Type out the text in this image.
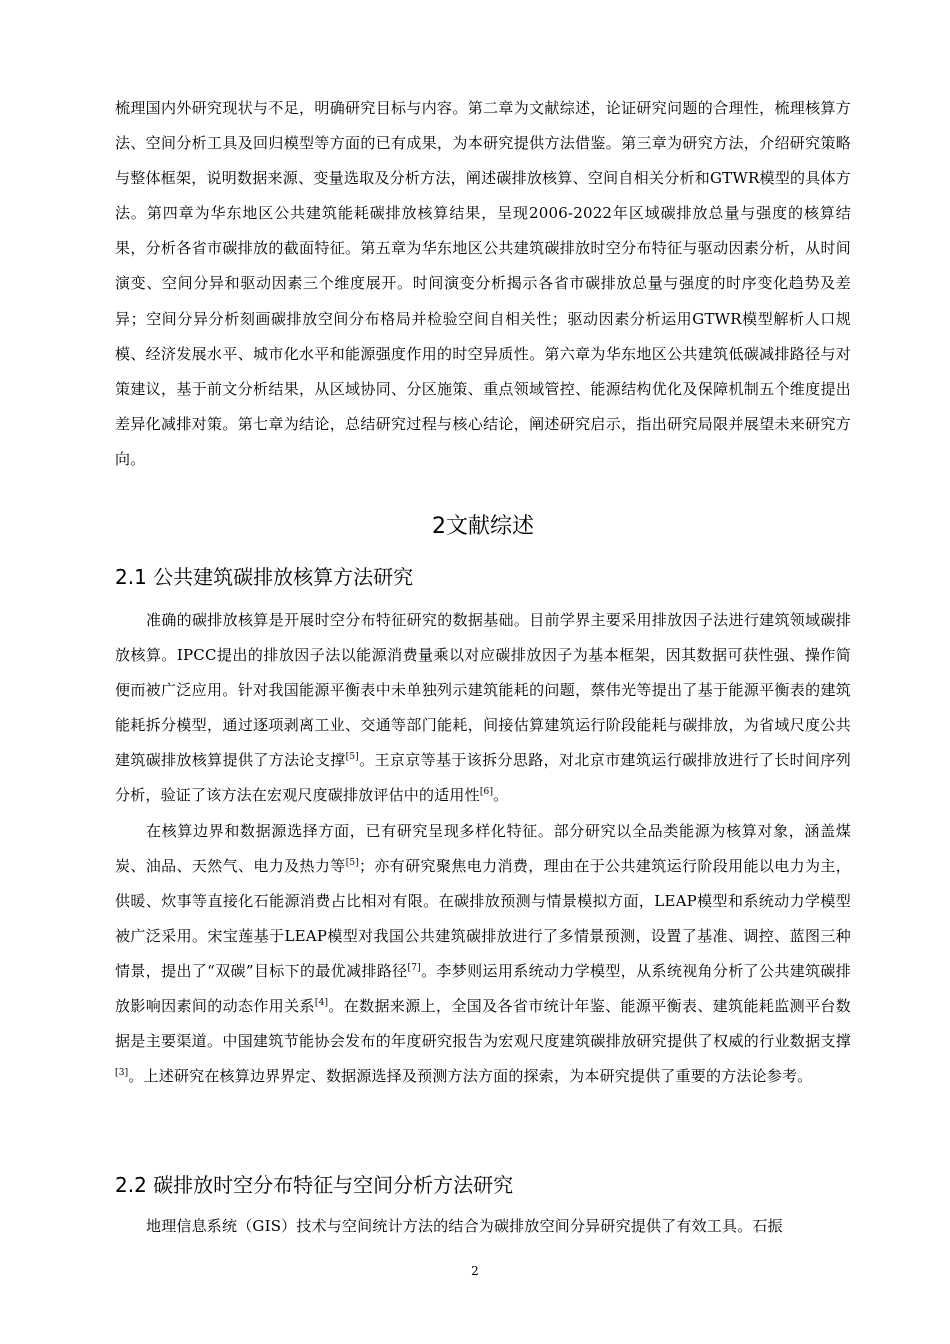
梳理国内外研究现状与不足，明确研究目标与内容。第二章为文献综述，论证研究问题的合理性，梳理核算方法、空间分析工具及回归模型等方面的已有成果，为本研究提供方法借鉴。第三章为研究方法，介绍研究策略与整体框架，说明数据来源、变量选取及分析方法，阐述碳排放核算、空间自相关分析和GTWR模型的具体方法。第四章为华东地区公共建筑能耗碳排放核算结果，呈现2006-2022年区域碳排放总量与强度的核算结果，分析各省市碳排放的截面特征。第五章为华东地区公共建筑碳排放时空分布特征与驱动因素分析，从时间演变、空间分异和驱动因素三个维度展开。时间演变分析揭示各省市碳排放总量与强度的时序变化趋势及差异；空间分异分析刻画碳排放空间分布格局并检验空间自相关性；驱动因素分析运用GTWR模型解析人口规模、经济发展水平、城市化水平和能源强度作用的时空异质性。第六章为华东地区公共建筑低碳减排路径与对策建议，基于前文分析结果，从区域协同、分区施策、重点领域管控、能源结构优化及保障机制五个维度提出差异化减排对策。第七章为结论，总结研究过程与核心结论，阐述研究启示，指出研究局限并展望未来研究方向。

2文献综述
2.1 公共建筑碳排放核算方法研究

准确的碳排放核算是开展时空分布特征研究的数据基础。目前学界主要采用排放因子法进行建筑领域碳排放核算。IPCC提出的排放因子法以能源消费量乘以对应碳排放因子为基本框架，因其数据可获性强、操作简便而被广泛应用。针对我国能源平衡表中未单独列示建筑能耗的问题，蔡伟光等提出了基于能源平衡表的建筑能耗拆分模型，通过逐项剥离工业、交通等部门能耗，间接估算建筑运行阶段能耗与碳排放，为省域尺度公共建筑碳排放核算提供了方法论支撑[5]。王京京等基于该拆分思路，对北京市建筑运行碳排放进行了长时间序列分析，验证了该方法在宏观尺度碳排放评估中的适用性[6]。

在核算边界和数据源选择方面，已有研究呈现多样化特征。部分研究以全品类能源为核算对象，涵盖煤炭、油品、天然气、电力及热力等[5]；亦有研究聚焦电力消费，理由在于公共建筑运行阶段用能以电力为主，供暖、炊事等直接化石能源消费占比相对有限。在碳排放预测与情景模拟方面，LEAP模型和系统动力学模型被广泛采用。宋宝莲基于LEAP模型对我国公共建筑碳排放进行了多情景预测，设置了基准、调控、蓝图三种情景，提出了“双碳”目标下的最优减排路径[7]。李梦则运用系统动力学模型，从系统视角分析了公共建筑碳排放影响因素间的动态作用关系[4]。在数据来源上，全国及各省市统计年鉴、能源平衡表、建筑能耗监测平台数据是主要渠道。中国建筑节能协会发布的年度研究报告为宏观尺度建筑碳排放研究提供了权威的行业数据支撑[3]。上述研究在核算边界界定、数据源选择及预测方法方面的探索，为本研究提供了重要的方法论参考。

2.2 碳排放时空分布特征与空间分析方法研究

地理信息系统（GIS）技术与空间统计方法的结合为碳排放空间分异研究提供了有效工具。石振

2
